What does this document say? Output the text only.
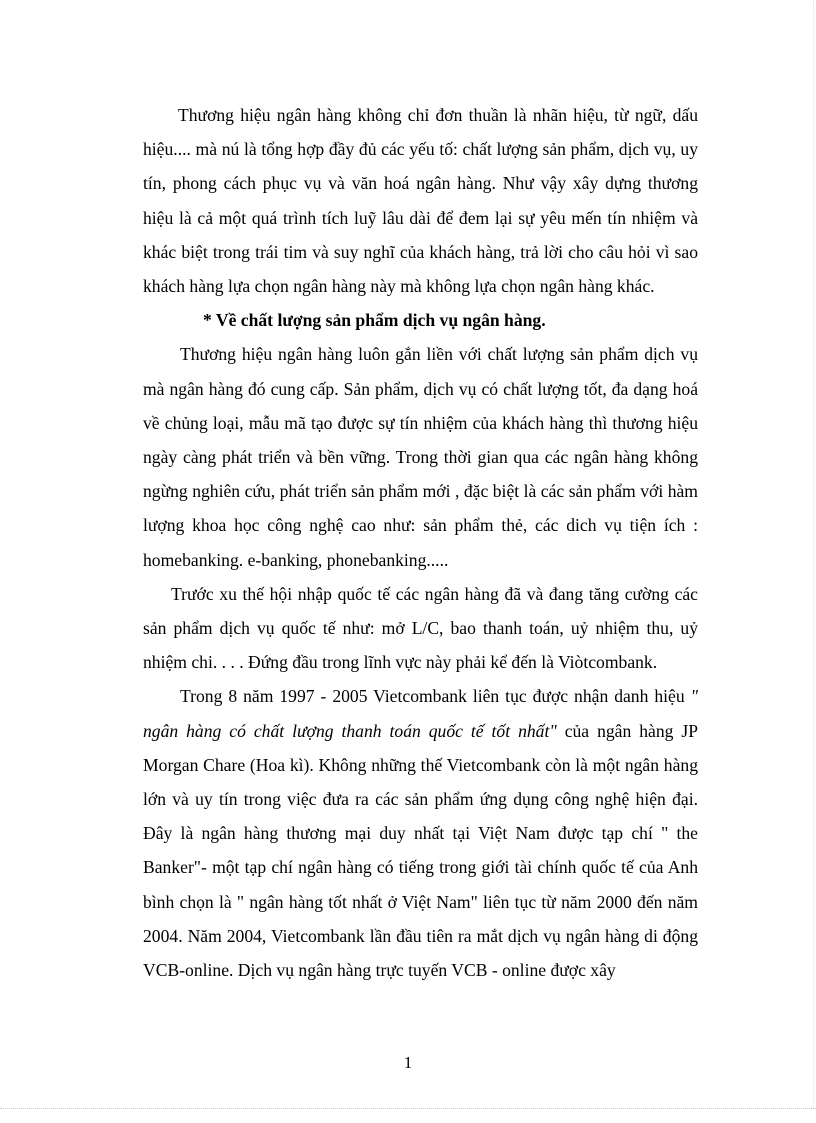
Thương hiệu ngân hàng không chỉ đơn thuần là nhãn hiệu, từ ngữ, dấu hiệu.... mà nú là tổng hợp đầy đủ các yếu tố: chất lượng sản phẩm, dịch vụ, uy tín, phong cách phục vụ và văn hoá ngân hàng. Như vậy xây dựng thương hiệu là cả một quá trình tích luỹ lâu dài để đem lại sự yêu mến tín nhiệm và khác biệt trong trái tim và suy nghĩ của khách hàng, trả lời cho câu hỏi vì sao khách hàng lựa chọn ngân hàng này mà không lựa chọn ngân hàng khác.

* Về chất lượng sản phẩm dịch vụ ngân hàng.

Thương hiệu ngân hàng luôn gắn liền với chất lượng sản phẩm dịch vụ mà ngân hàng đó cung cấp. Sản phẩm, dịch vụ có chất lượng tốt, đa dạng hoá về chủng loại, mẫu mã tạo được sự tín nhiệm của khách hàng thì thương hiệu ngày càng phát triển và bền vững. Trong thời gian qua các ngân hàng không ngừng nghiên cứu, phát triển sản phẩm mới , đặc biệt là các sản phẩm với hàm lượng khoa học công nghệ cao như: sản phẩm thẻ, các dich vụ tiện ích : homebanking. e-banking, phonebanking.....

Trước xu thế hội nhập quốc tế các ngân hàng đã và đang tăng cường các sản phẩm dịch vụ quốc tế như: mở L/C, bao thanh toán, uỷ nhiệm thu, uỷ nhiệm chi. . . . Đứng đầu trong lĩnh vực này phải kể đến là Viòtcombank.

Trong 8 năm 1997 - 2005 Vietcombank liên tục được nhận danh hiệu " ngân hàng có chất lượng thanh toán quốc tế tốt nhất" của ngân hàng JP Morgan Chare (Hoa kì). Không những thế Vietcombank còn là một ngân hàng lớn và uy tín trong việc đưa ra các sản phẩm ứng dụng công nghệ hiện đại. Đây là ngân hàng thương mại duy nhất tại Việt Nam được tạp chí " the Banker"- một tạp chí ngân hàng có tiếng trong giới tài chính quốc tế của Anh bình chọn là " ngân hàng tốt nhất ở Việt Nam" liên tục từ năm 2000 đến năm 2004. Năm 2004, Vietcombank lần đầu tiên ra mắt dịch vụ ngân hàng di động VCB-online. Dịch vụ ngân hàng trực tuyến VCB - online được xây

1
